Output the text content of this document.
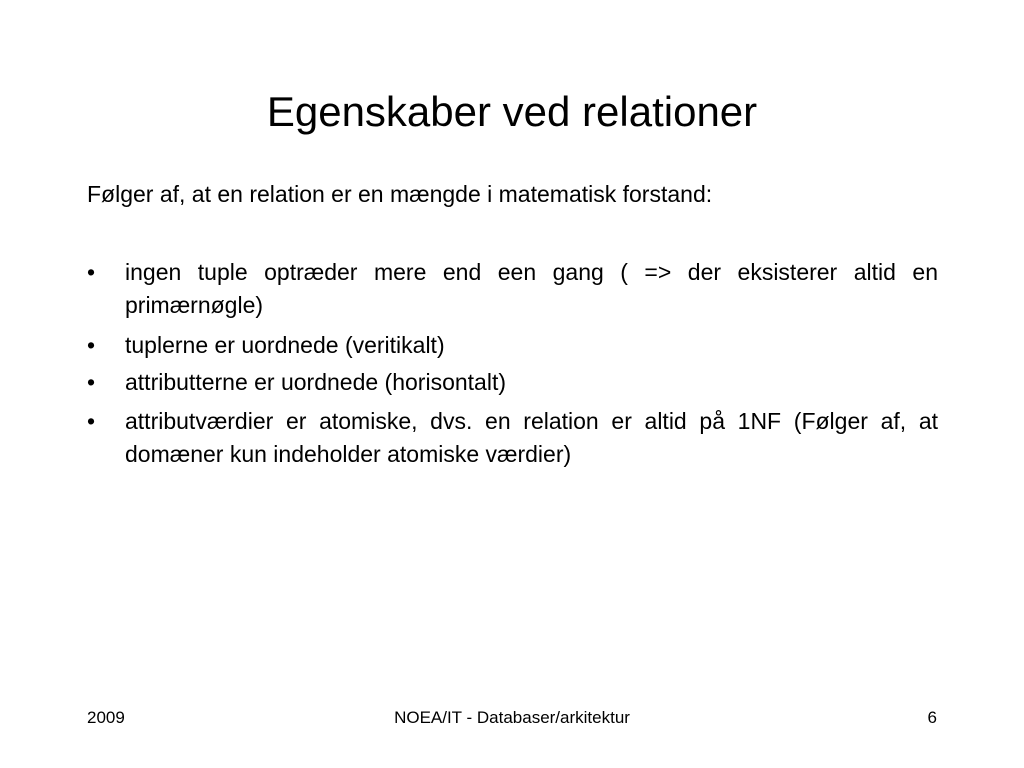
Egenskaber ved relationer
Følger af, at en relation er en mængde i matematisk forstand:
•	ingen tuple optræder mere end een gang ( => der eksisterer altid en primærnøgle)
•	tuplerne er uordnede (veritikalt)
•	attributterne er uordnede (horisontalt)
•	attributværdier er atomiske, dvs. en relation er altid på 1NF (Følger af, at domæner kun indeholder atomiske værdier)
2009	NOEA/IT - Databaser/arkitektur	6
